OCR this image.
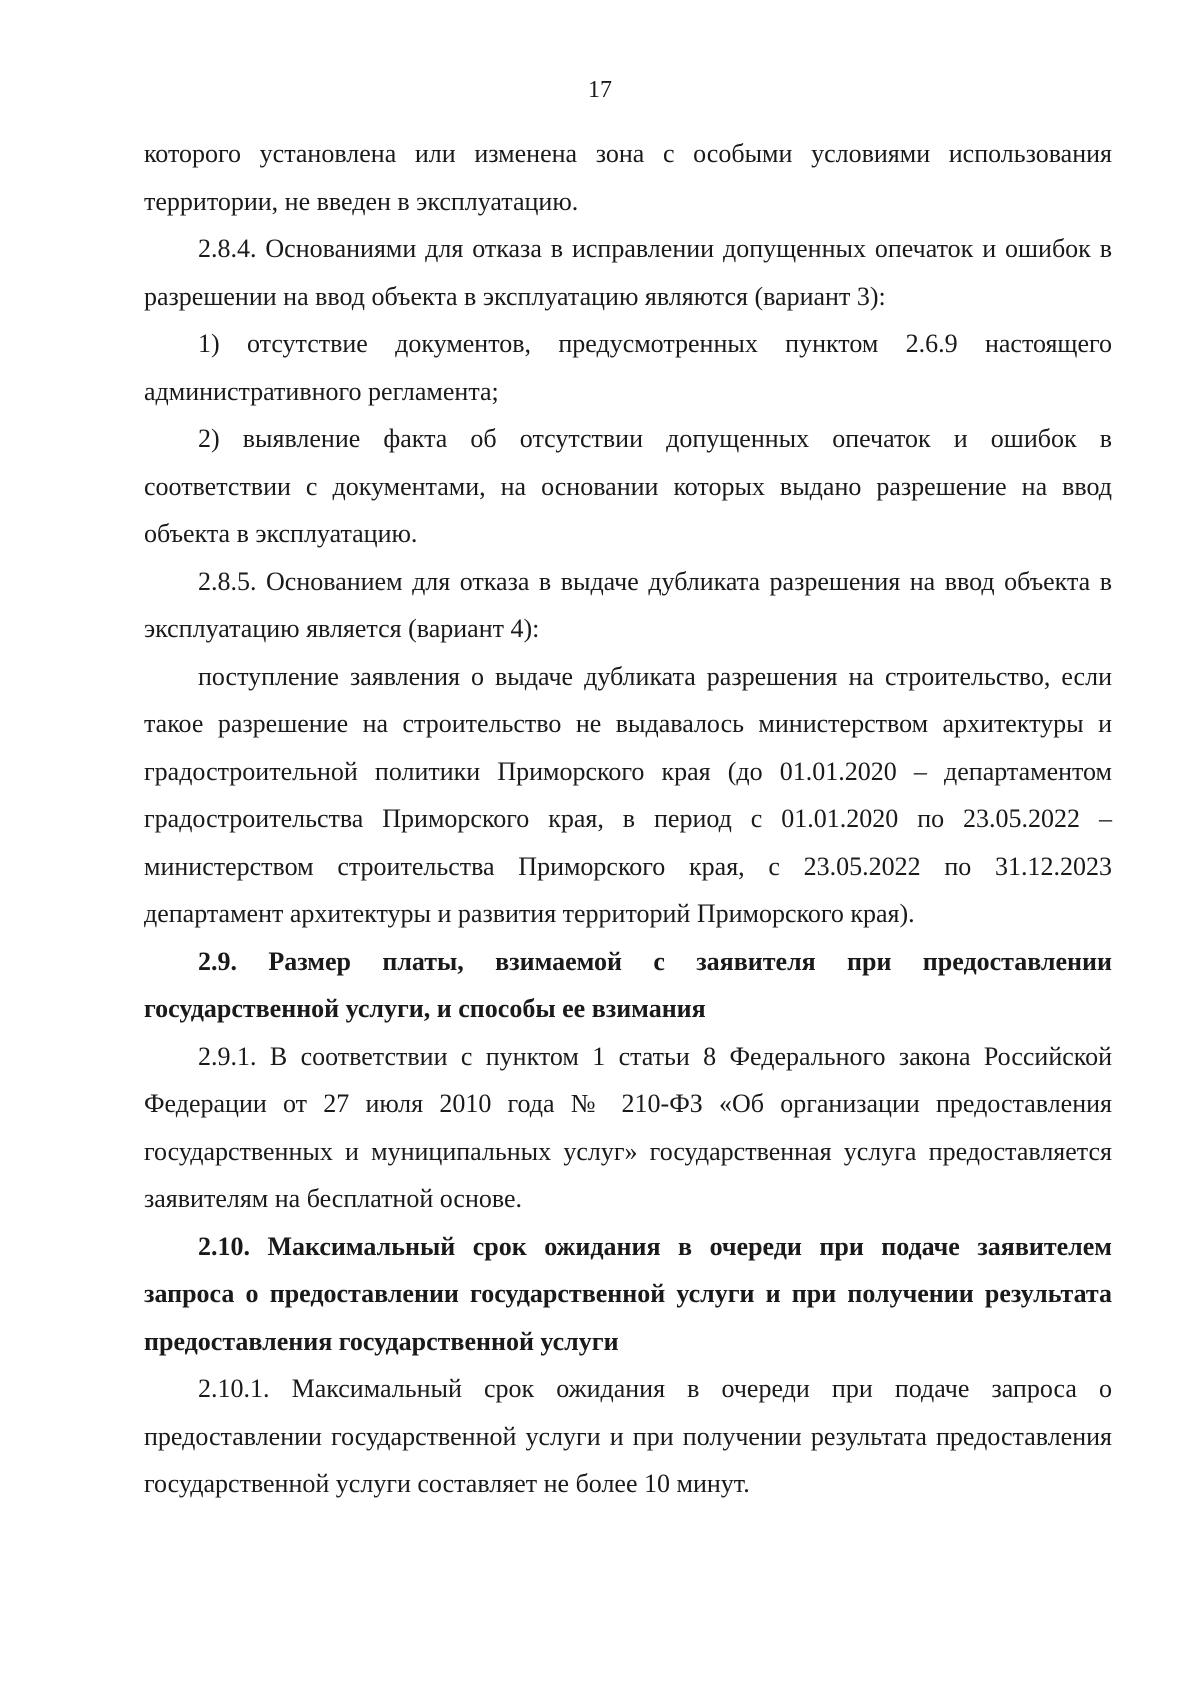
17

которого установлена или изменена зона с особыми условиями использования территории, не введен в эксплуатацию.

2.8.4. Основаниями для отказа в исправлении допущенных опечаток и ошибок в разрешении на ввод объекта в эксплуатацию являются (вариант 3):

1) отсутствие документов, предусмотренных пунктом 2.6.9 настоящего административного регламента;

2) выявление факта об отсутствии допущенных опечаток и ошибок в соответствии с документами, на основании которых выдано разрешение на ввод объекта в эксплуатацию.

2.8.5. Основанием для отказа в выдаче дубликата разрешения на ввод объекта в эксплуатацию является (вариант 4):

поступление заявления о выдаче дубликата разрешения на строительство, если такое разрешение на строительство не выдавалось министерством архитектуры и градостроительной политики Приморского края (до 01.01.2020 – департаментом градостроительства Приморского края, в период с 01.01.2020 по 23.05.2022 – министерством строительства Приморского края, с 23.05.2022 по 31.12.2023 департамент архитектуры и развития территорий Приморского края).

2.9. Размер платы, взимаемой с заявителя при предоставлении государственной услуги, и способы ее взимания

2.9.1. В соответствии с пунктом 1 статьи 8 Федерального закона Российской Федерации от 27 июля 2010 года № 210-ФЗ «Об организации предоставления государственных и муниципальных услуг» государственная услуга предоставляется заявителям на бесплатной основе.

2.10. Максимальный срок ожидания в очереди при подаче заявителем запроса о предоставлении государственной услуги и при получении результата предоставления государственной услуги

2.10.1. Максимальный срок ожидания в очереди при подаче запроса о предоставлении государственной услуги и при получении результата предоставления государственной услуги составляет не более 10 минут.
